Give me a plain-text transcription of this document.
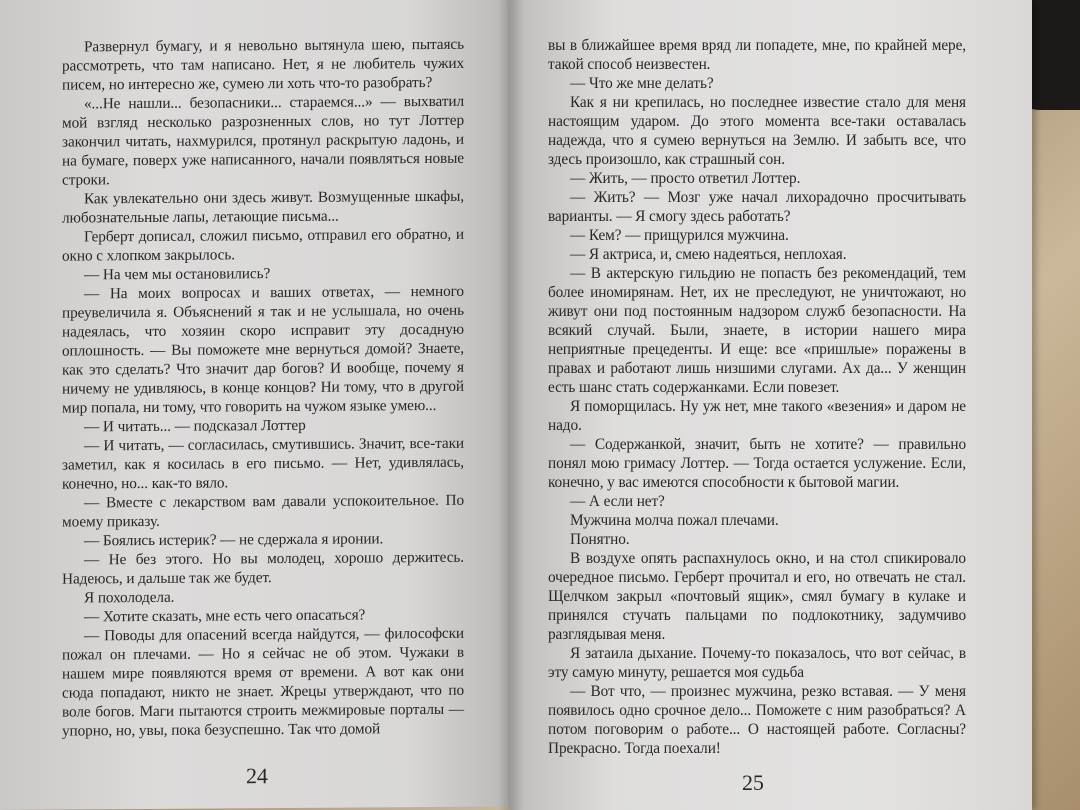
Развернул бумагу, и я невольно вытянула шею, пытаясь рассмотреть, что там написано. Нет, я не любитель чужих писем, но интересно же, сумею ли хоть что-то разобрать?

«...Не нашли... безопасники... стараемся...» — выхватил мой взгляд несколько разрозненных слов, но тут Лоттер закончил читать, нахмурился, протянул раскрытую ладонь, и на бумаге, поверх уже написанного, начали появляться новые строки.

Как увлекательно они здесь живут. Возмущенные шкафы, любознательные лапы, летающие письма...

Герберт дописал, сложил письмо, отправил его обратно, и окно с хлопком закрылось.

— На чем мы остановились?

— На моих вопросах и ваших ответах, — немного преувеличила я. Объяснений я так и не услышала, но очень надеялась, что хозяин скоро исправит эту досадную оплошность. — Вы поможете мне вернуться домой? Знаете, как это сделать? Что значит дар богов? И вообще, почему я ничему не удивляюсь, в конце концов? Ни тому, что в другой мир попала, ни тому, что говорить на чужом языке умею...

— И читать... — подсказал Лоттер

— И читать, — согласилась, смутившись. Значит, все-таки заметил, как я косилась в его письмо. — Нет, удивлялась, конечно, но... как-то вяло.

— Вместе с лекарством вам давали успокоительное. По моему приказу.

— Боялись истерик? — не сдержала я иронии.

— Не без этого. Но вы молодец, хорошо держитесь. Надеюсь, и дальше так же будет.

Я похолодела.

— Хотите сказать, мне есть чего опасаться?

— Поводы для опасений всегда найдутся, — философски пожал он плечами. — Но я сейчас не об этом. Чужаки в нашем мире появляются время от времени. А вот как они сюда попадают, никто не знает. Жрецы утверждают, что по воле богов. Маги пытаются строить межмировые порталы — упорно, но, увы, пока безуспешно. Так что домой

24

вы в ближайшее время вряд ли попадете, мне, по крайней мере, такой способ неизвестен.

— Что же мне делать?

Как я ни крепилась, но последнее известие стало для меня настоящим ударом. До этого момента все-таки оставалась надежда, что я сумею вернуться на Землю. И забыть все, что здесь произошло, как страшный сон.

— Жить, — просто ответил Лоттер.

— Жить? — Мозг уже начал лихорадочно просчитывать варианты. — Я смогу здесь работать?

— Кем? — прищурился мужчина.

— Я актриса, и, смею надеяться, неплохая.

— В актерскую гильдию не попасть без рекомендаций, тем более иномирянам. Нет, их не преследуют, не уничтожают, но живут они под постоянным надзором служб безопасности. На всякий случай. Были, знаете, в истории нашего мира неприятные прецеденты. И еще: все «пришлые» поражены в правах и работают лишь низшими слугами. Ах да... У женщин есть шанс стать содержанками. Если повезет.

Я поморщилась. Ну уж нет, мне такого «везения» и даром не надо.

— Содержанкой, значит, быть не хотите? — правильно понял мою гримасу Лоттер. — Тогда остается услужение. Если, конечно, у вас имеются способности к бытовой магии.

— А если нет?

Мужчина молча пожал плечами.

Понятно.

В воздухе опять распахнулось окно, и на стол спикировало очередное письмо. Герберт прочитал и его, но отвечать не стал. Щелчком закрыл «почтовый ящик», смял бумагу в кулаке и принялся стучать пальцами по подлокотнику, задумчиво разглядывая меня.

Я затаила дыхание. Почему-то показалось, что вот сейчас, в эту самую минуту, решается моя судьба

— Вот что, — произнес мужчина, резко вставая. — У меня появилось одно срочное дело... Поможете с ним разобраться? А потом поговорим о работе... О настоящей работе. Согласны? Прекрасно. Тогда поехали!

25
